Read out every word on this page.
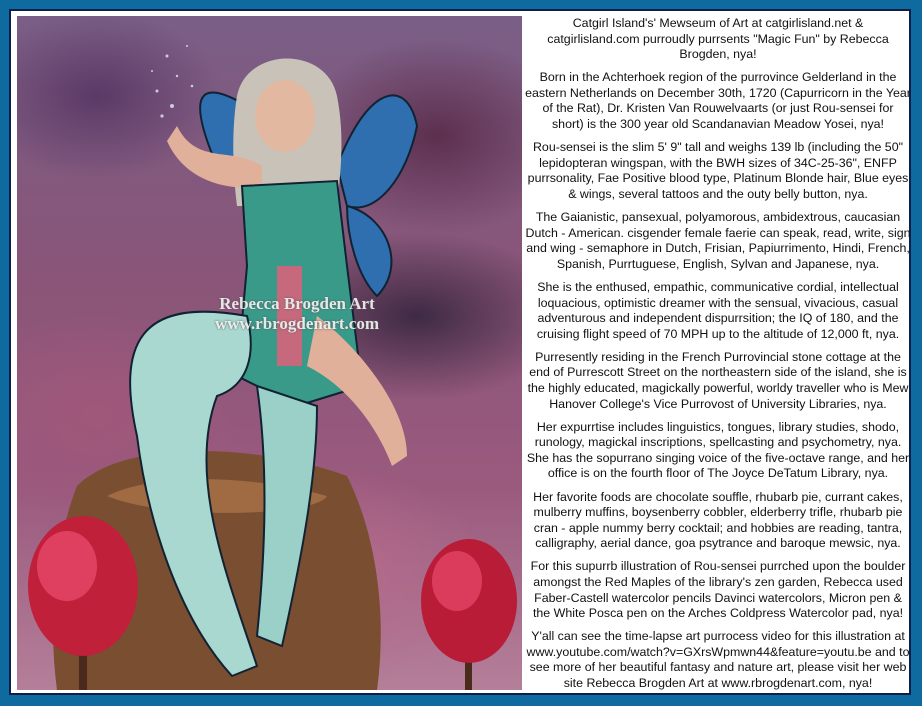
Rebecca Brogden Art
www.rbrogdenart.com

Catgirl Island's' Mewseum of Art at catgirlisland.net & catgirlisland.com purroudly purrsents "Magic Fun" by Rebecca Brogden, nya!

Born in the Achterhoek region of the purrovince Gelderland in the eastern Netherlands on December 30th, 1720 (Capurricorn in the Year of the Rat), Dr. Kristen Van Rouwelvaarts (or just Rou-sensei for short) is the 300 year old Scandanavian Meadow Yosei, nya!

Rou-sensei is the slim 5' 9" tall and weighs 139 lb (including the 50" lepidopteran wingspan, with the BWH sizes of 34C-25-36", ENFP purrsonality, Fae Positive blood type, Platinum Blonde hair, Blue eyes & wings, several tattoos and the outy belly button, nya.

The Gaianistic, pansexual, polyamorous, ambidextrous, caucasian Dutch - American. cisgender female faerie can speak, read, write, sign and wing - semaphore in Dutch, Frisian, Papiurrimento, Hindi, French, Spanish, Purrtuguese, English, Sylvan and Japanese, nya.

She is the enthused, empathic, communicative cordial, intellectual loquacious, optimistic dreamer with the sensual, vivacious, casual adventurous and independent dispurrsition; the IQ of 180, and the cruising flight speed of 70 MPH up to the altitude of 12,000 ft, nya.

Purresently residing in the French Purrovincial stone cottage at the end of Purrescott Street on the northeastern side of the island, she is the highly educated, magickally powerful, worldy traveller who is Mew Hanover College's Vice Purrovost of University Libraries, nya.

Her expurrtise includes linguistics, tongues, library studies, shodo, runology, magickal inscriptions, spellcasting and psychometry, nya. She has the sopurrano singing voice of the five-octave range, and her office is on the fourth floor of The Joyce DeTatum Library, nya.

Her favorite foods are chocolate souffle, rhubarb pie, currant cakes, mulberry muffins, boysenberry cobbler, elderberry trifle, rhubarb pie cran - apple nummy berry cocktail; and hobbies are reading, tantra, calligraphy, aerial dance, goa psytrance and baroque mewsic, nya.

For this supurrb illustration of Rou-sensei purrched upon the boulder amongst the Red Maples of the library's zen garden, Rebecca used Faber-Castell watercolor pencils Davinci watercolors, Micron pen & the White Posca pen on the Arches Coldpress Watercolor pad, nya!

Y'all can see the time-lapse art purrocess video for this illustration at www.youtube.com/watch?v=GXrsWpmwn44&feature=youtu.be and to see more of her beautiful fantasy and nature art, please visit her web site Rebecca Brogden Art at www.rbrogdenart.com, nya!
